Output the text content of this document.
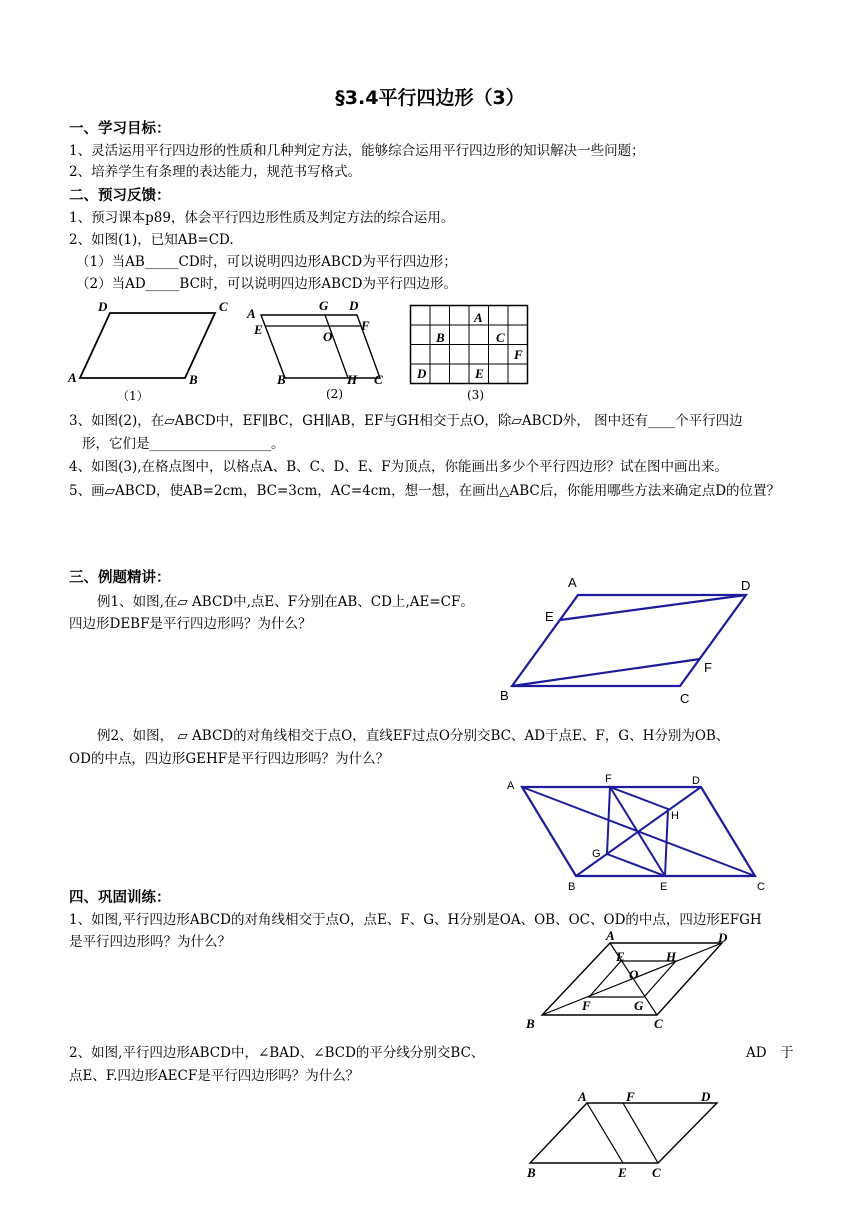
§3.4平行四边形（3）
一、学习目标：
1、灵活运用平行四边形的性质和几种判定方法，能够综合运用平行四边形的知识解决一些问题；
2、培养学生有条理的表达能力，规范书写格式。
二、预习反馈：
1、预习课本p89，体会平行四边形性质及判定方法的综合运用。
2、如图(1)，已知AB=CD.
（1）当AB_____CD时，可以说明四边形ABCD为平行四边形；
（2）当AD_____BC时，可以说明四边形ABCD为平行四边形。
D	C
A	B
（1）
A
G D
E	F
O
B	H C
(2)
A
B	C
F
D	E
(3)
3、如图(2)，在▱ABCD中，EF∥BC，GH∥AB，EF与GH相交于点O，除▱ABCD外， 图中还有____个平行四边
形，它们是__________________。
4、如图(3),在格点图中，以格点A、B、C、D、E、F为顶点，你能画出多少个平行四边形？试在图中画出来。
5、画▱ABCD，使AB=2cm，BC=3cm，AC=4cm，想一想，在画出△ABC后，你能用哪些方法来确定点D的位置？
三、例题精讲：
例1、如图,在▱ ABCD中,点E、F分别在AB、CD上,AE=CF。
四边形DEBF是平行四边形吗？为什么？
A	D
E
F
B	C
例2、如图， ▱ ABCD的对角线相交于点O，直线EF过点O分别交BC、AD于点E、F，G、H分别为OB、
OD的中点，四边形GEHF是平行四边形吗？为什么？
A
F	D
H
G
B	E	C
四、巩固训练：
1、如图,平行四边形ABCD的对角线相交于点O，点E、F、G、H分别是OA、OB、OC、OD的中点，四边形EFGH
是平行四边形吗？为什么？	A	D
E	H
O
F	G
B	C
2、如图,平行四边形ABCD中，∠BAD、∠BCD的平分线分别交BC、	AD　于
点E、F.四边形AECF是平行四边形吗？为什么？
A	F	D
B	E C
